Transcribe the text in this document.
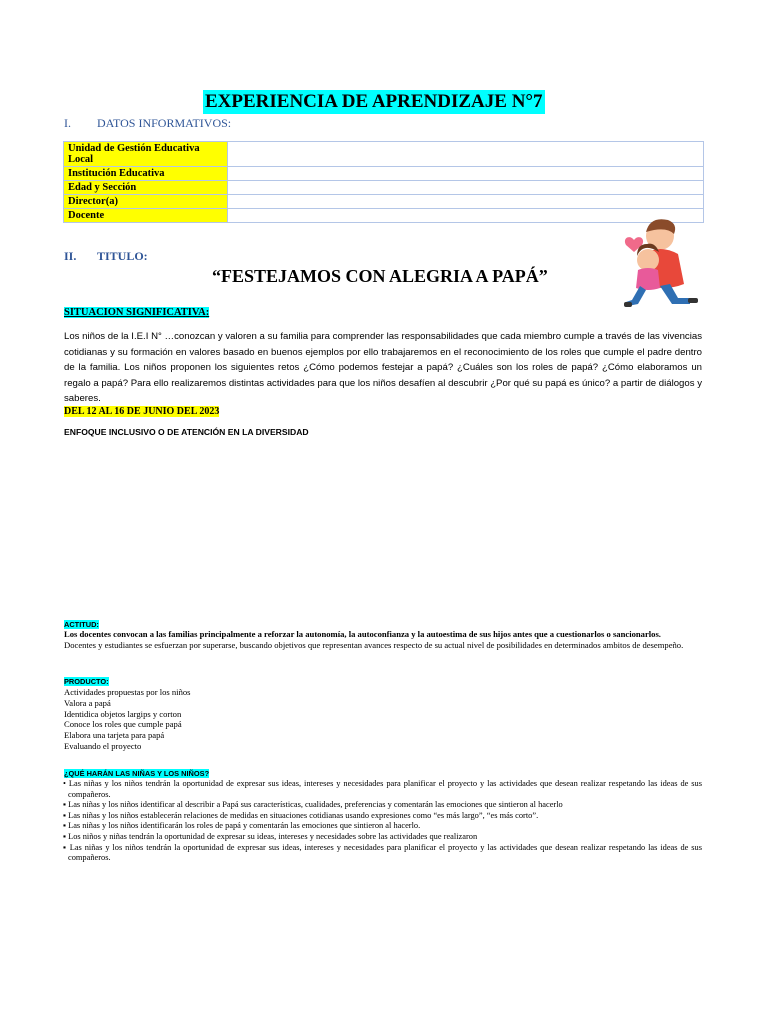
EXPERIENCIA DE APRENDIZAJE N°7
I. DATOS INFORMATIVOS:
Unidad de Gestión Educativa Local	
Institución Educativa	
Edad y Sección	
Director(a)	
Docente	
II. TITULO:
“FESTEJAMOS CON ALEGRIA A PAPÁ”
SITUACION SIGNIFICATIVA:
Los niños de la I.E.I N° …conozcan y valoren a su familia para comprender las responsabilidades que cada miembro cumple a través de las vivencias cotidianas y su formación en valores basado en buenos ejemplos por ello trabajaremos en el reconocimiento de los roles que cumple el padre dentro de la familia. Los niños proponen los siguientes retos ¿Cómo podemos festejar a papá? ¿Cuáles son los roles de papá? ¿Cómo elaboramos un regalo a papá? Para ello realizaremos distintas actividades para que los niños desafíen al descubrir ¿Por qué su papá es único? a partir de diálogos y saberes.
DEL 12 AL 16 DE JUNIO DEL 2023
ENFOQUE INCLUSIVO O DE ATENCIÓN EN LA DIVERSIDAD
ACTITUD:
Los docentes convocan a las familias principalmente a reforzar la autonomía, la autoconfianza y la autoestima de sus hijos antes que a cuestionarlos o sancionarlos.
Docentes y estudiantes se esfuerzan por superarse, buscando objetivos que representan avances respecto de su actual nivel de posibilidades en determinados ambitos de desempeño.
PRODUCTO:
Actividades propuestas por los niños
Valora a papá
Identidica objetos largips y corton
Conoce los roles que cumple papá
Elabora una tarjeta para papá
Evaluando el proyecto
¿QUÉ HARÁN LAS NIÑAS Y LOS NIÑOS?
• Las niñas y los niños tendrán la oportunidad de expresar sus ideas, intereses y necesidades para planificar el proyecto y las actividades que desean realizar respetando las ideas de sus compañeros.
▪ Las niñas y los niños identificar al describir a Papá sus características, cualidades, preferencias y comentarán las emociones que sintieron al hacerlo
▪ Las niñas y los niños establecerán relaciones de medidas en situaciones cotidianas usando expresiones como “es más largo”, “es más corto”.
▪ Las niñas y los niños identificarán los roles de papá y comentarán las emociones que sintieron al hacerlo.
▪ Los niños y niñas tendrán la oportunidad de expresar su ideas, intereses y necesidades sobre las actividades que realizaron
▪ Las niñas y los niños tendrán la oportunidad de expresar sus ideas, intereses y necesidades para planificar el proyecto y las actividades que desean realizar respetando las ideas de sus compañeros.
